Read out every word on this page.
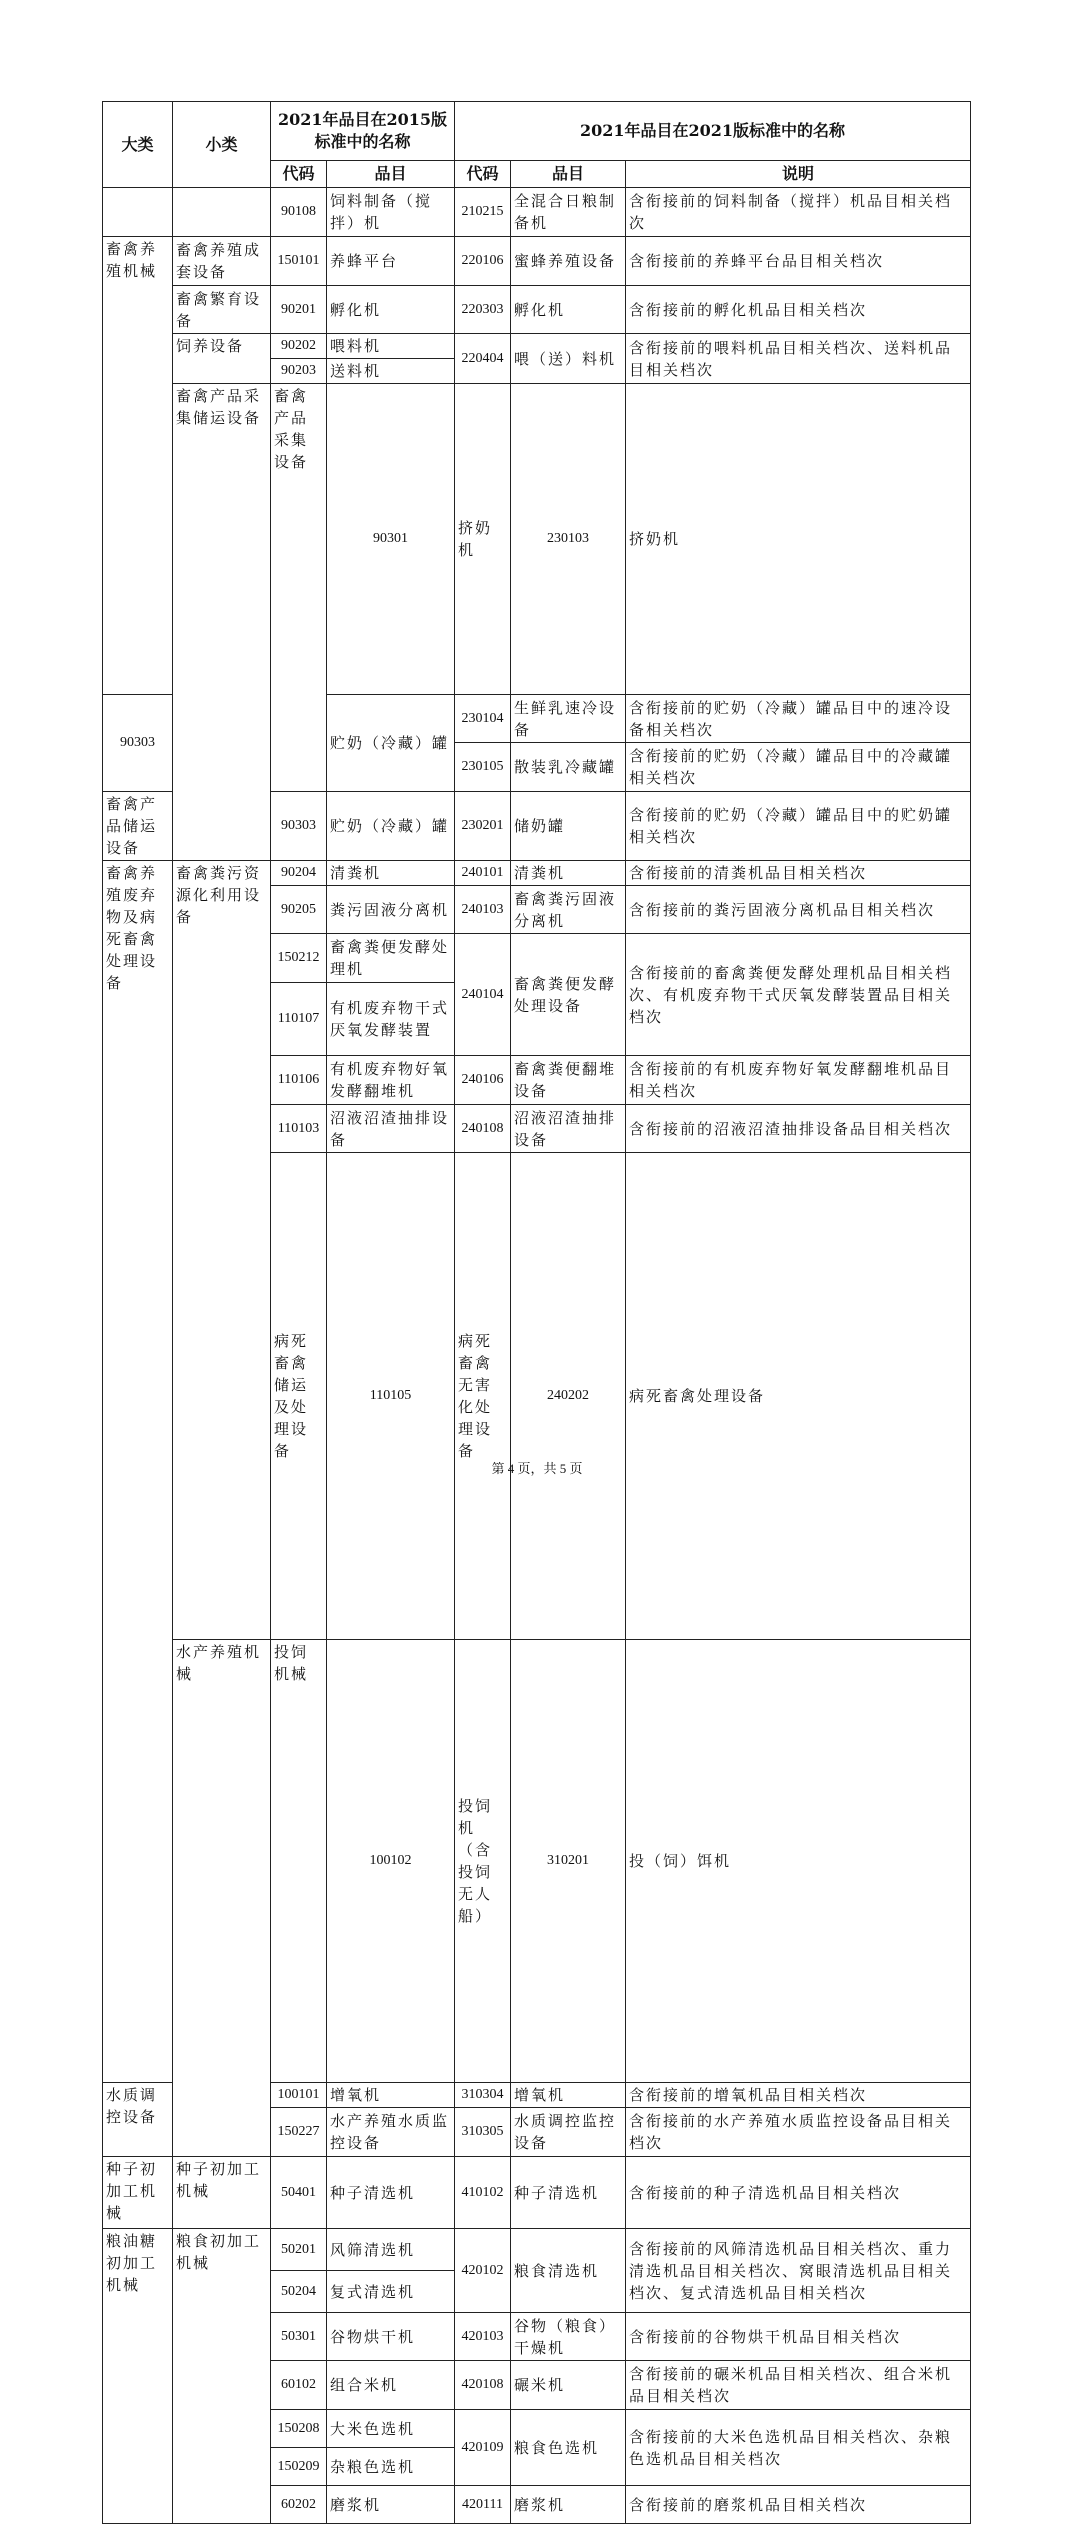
大类	小类	2021年品目在2015版标准中的名称		2021年品目在2021版标准中的名称			
		代码	品目	代码	品目	说明	
		90108	饲料制备（搅拌）机	210215	全混合日粮制备机	含衔接前的饲料制备（搅拌）机品目相关档次	
畜禽养殖机械	畜禽养殖成套设备	150101	养蜂平台	220106	蜜蜂养殖设备	含衔接前的养蜂平台品目相关档次	
	畜禽繁育设备	90201	孵化机	220303	孵化机	含衔接前的孵化机品目相关档次	
	饲养设备	90202	喂料机	220404	喂（送）料机	含衔接前的喂料机品目相关档次、送料机品目相关档次	
		90203	送料机				
	畜禽产品采集储运设备	畜禽产品采集设备	90301	挤奶机	230103	挤奶机	
90303			贮奶（冷藏）罐	230104	生鲜乳速冷设备	含衔接前的贮奶（冷藏）罐品目中的速冷设备相关档次	
				230105	散装乳冷藏罐	含衔接前的贮奶（冷藏）罐品目中的冷藏罐相关档次	
畜禽产品储运设备		90303	贮奶（冷藏）罐	230201	储奶罐	含衔接前的贮奶（冷藏）罐品目中的贮奶罐相关档次	
畜禽养殖废弃物及病死畜禽处理设备	畜禽粪污资源化利用设备	90204	清粪机	240101	清粪机	含衔接前的清粪机品目相关档次	
		90205	粪污固液分离机	240103	畜禽粪污固液分离机	含衔接前的粪污固液分离机品目相关档次	
		150212	畜禽粪便发酵处理机	240104	畜禽粪便发酵处理设备	含衔接前的畜禽粪便发酵处理机品目相关档次、有机废弃物干式厌氧发酵装置品目相关档次	
		110107	有机废弃物干式厌氧发酵装置				
		110106	有机废弃物好氧发酵翻堆机	240106	畜禽粪便翻堆设备	含衔接前的有机废弃物好氧发酵翻堆机品目相关档次	
		110103	沼液沼渣抽排设备	240108	沼液沼渣抽排设备	含衔接前的沼液沼渣抽排设备品目相关档次	
		病死畜禽储运及处理设备	110105	病死畜禽无害化处理设备	240202	病死畜禽处理设备	
	水产养殖机械	投饲机械	100102	投饲机（含投饲无人船）	310201	投（饲）饵机	
水质调控设备		100101	增氧机	310304	增氧机	含衔接前的增氧机品目相关档次	
		150227	水产养殖水质监控设备	310305	水质调控监控设备	含衔接前的水产养殖水质监控设备品目相关档次	
种子初加工机械	种子初加工机械	50401	种子清选机	410102	种子清选机	含衔接前的种子清选机品目相关档次	
粮油糖初加工机械	粮食初加工机械	50201	风筛清选机	420102	粮食清选机	含衔接前的风筛清选机品目相关档次、重力清选机品目相关档次、窝眼清选机品目相关档次、复式清选机品目相关档次	
		50204	复式清选机				
		50301	谷物烘干机	420103	谷物（粮食）干燥机	含衔接前的谷物烘干机品目相关档次	
		60102	组合米机	420108	碾米机	含衔接前的碾米机品目相关档次、组合米机品目相关档次	
		150208	大米色选机	420109	粮食色选机	含衔接前的大米色选机品目相关档次、杂粮色选机品目相关档次	
		150209	杂粮色选机				
		60202	磨浆机	420111	磨浆机	含衔接前的磨浆机品目相关档次	
第 4 页，共 5 页
